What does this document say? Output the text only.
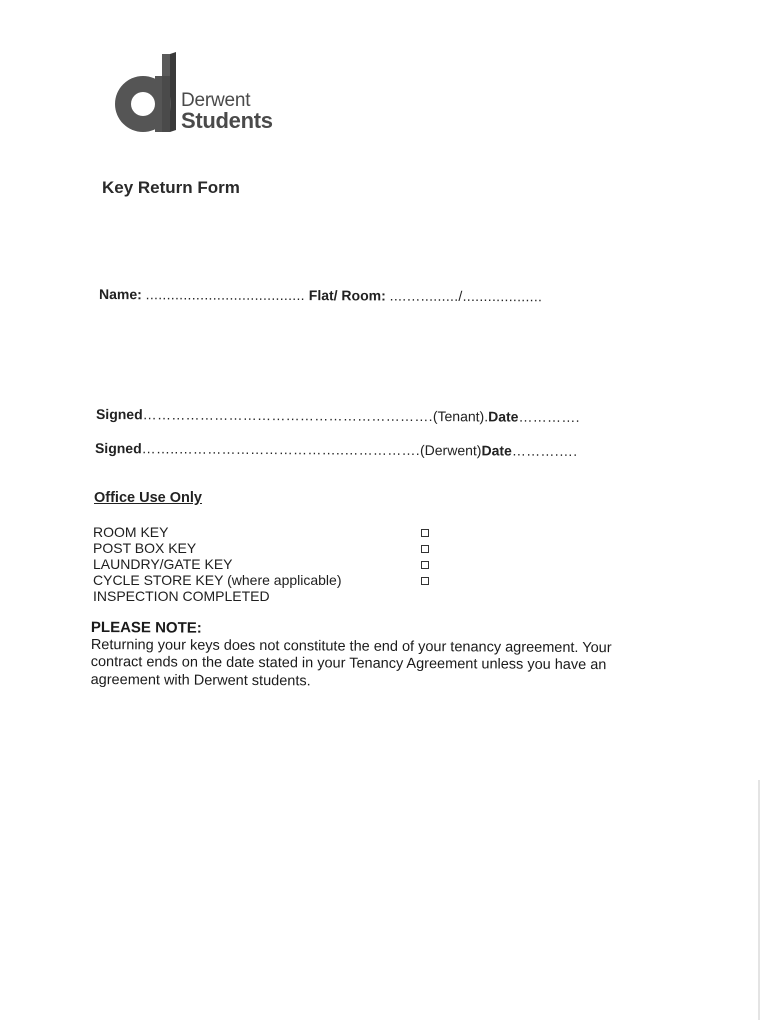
Derwent
Students
Key Return Form
Name: ...................................... Flat/ Room: ....…........./...................
Signed…………………………………………………….(Tenant).Date………….
Signed……..……………………………..…………….(Derwent)Date……….….
Office Use Only
ROOM KEY
POST BOX KEY
LAUNDRY/GATE KEY
CYCLE STORE KEY (where applicable)
INSPECTION COMPLETED

PLEASE NOTE:

Returning your keys does not constitute the end of your tenancy agreement. Your contract ends on the date stated in your Tenancy Agreement unless you have an agreement with Derwent students.
